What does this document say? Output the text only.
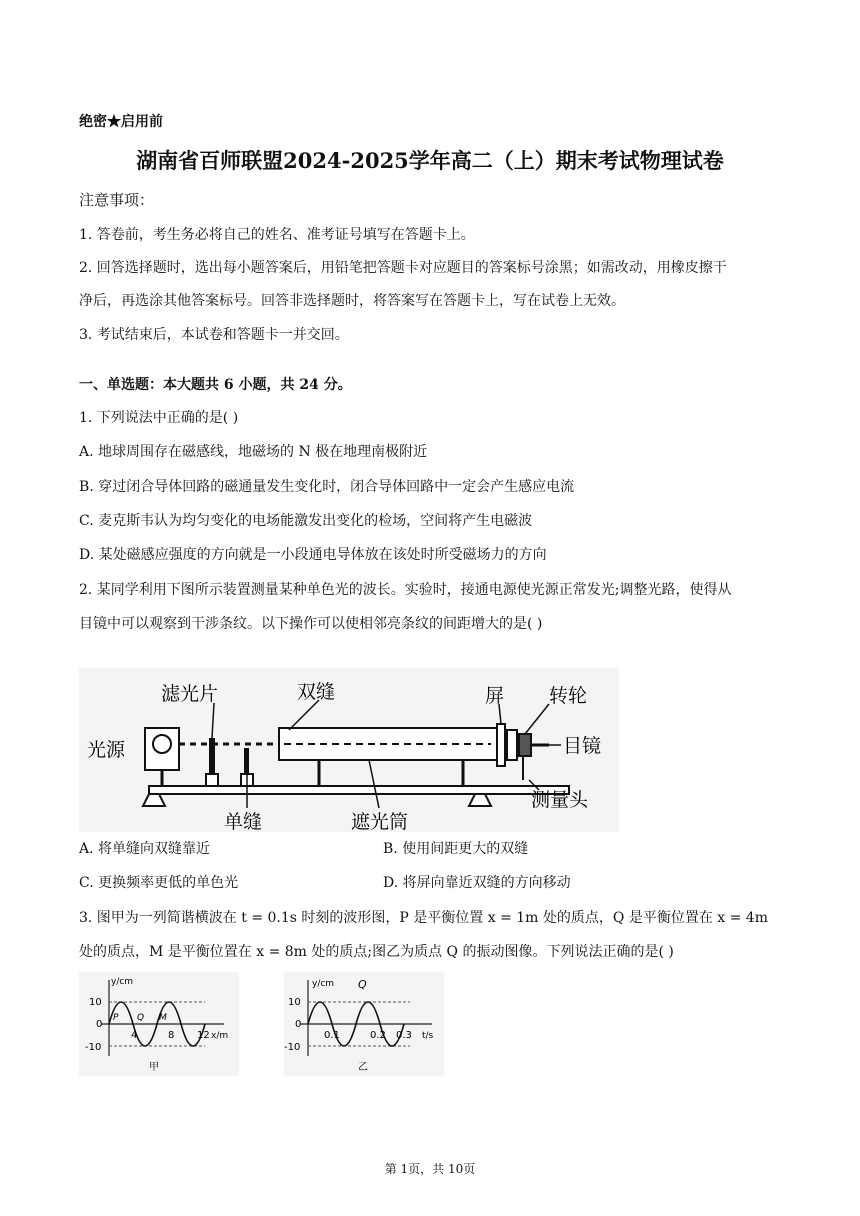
绝密★启用前
湖南省百师联盟2024-2025学年高二（上）期末考试物理试卷
注意事项：
1. 答卷前，考生务必将自己的姓名、准考证号填写在答题卡上。
2. 回答选择题时，选出每小题答案后，用铅笔把答题卡对应题目的答案标号涂黑；如需改动，用橡皮擦干
净后，再选涂其他答案标号。回答非选择题时，将答案写在答题卡上，写在试卷上无效。
3. 考试结束后，本试卷和答题卡一并交回。
一、单选题：本大题共 6 小题，共 24 分。
1. 下列说法中正确的是( )
A. 地球周围存在磁感线，地磁场的 N 极在地理南极附近
B. 穿过闭合导体回路的磁通量发生变化时，闭合导体回路中一定会产生感应电流
C. 麦克斯韦认为均匀变化的电场能激发出变化的检场，空间将产生电磁波
D. 某处磁感应强度的方向就是一小段通电导体放在该处时所受磁场力的方向
2. 某同学利用下图所示装置测量某种单色光的波长。实验时，接通电源使光源正常发光;调整光路，使得从
目镜中可以观察到干涉条纹。以下操作可以使相邻亮条纹的间距增大的是( )
光源
滤光片	双缝	屏 转轮
目镜
单缝	遮光筒
测量头
A. 将单缝向双缝靠近	B. 使用间距更大的双缝
C. 更换频率更低的单色光	D. 将屏向靠近双缝的方向移动
3. 图甲为一列简谐横波在 t = 0.1s 时刻的波形图，P 是平衡位置 x = 1m 处的质点，Q 是平衡位置在 x = 4m
处的质点，M 是平衡位置在 x = 8m 处的质点;图乙为质点 Q 的振动图像。下列说法正确的是( )
y/cm
10
0
-10
4	8 12 x/m
P Q M
甲
y/cm Q
10
0
-10
0.1	0.2 0.3 t/s
乙
第 1页，共 10页
